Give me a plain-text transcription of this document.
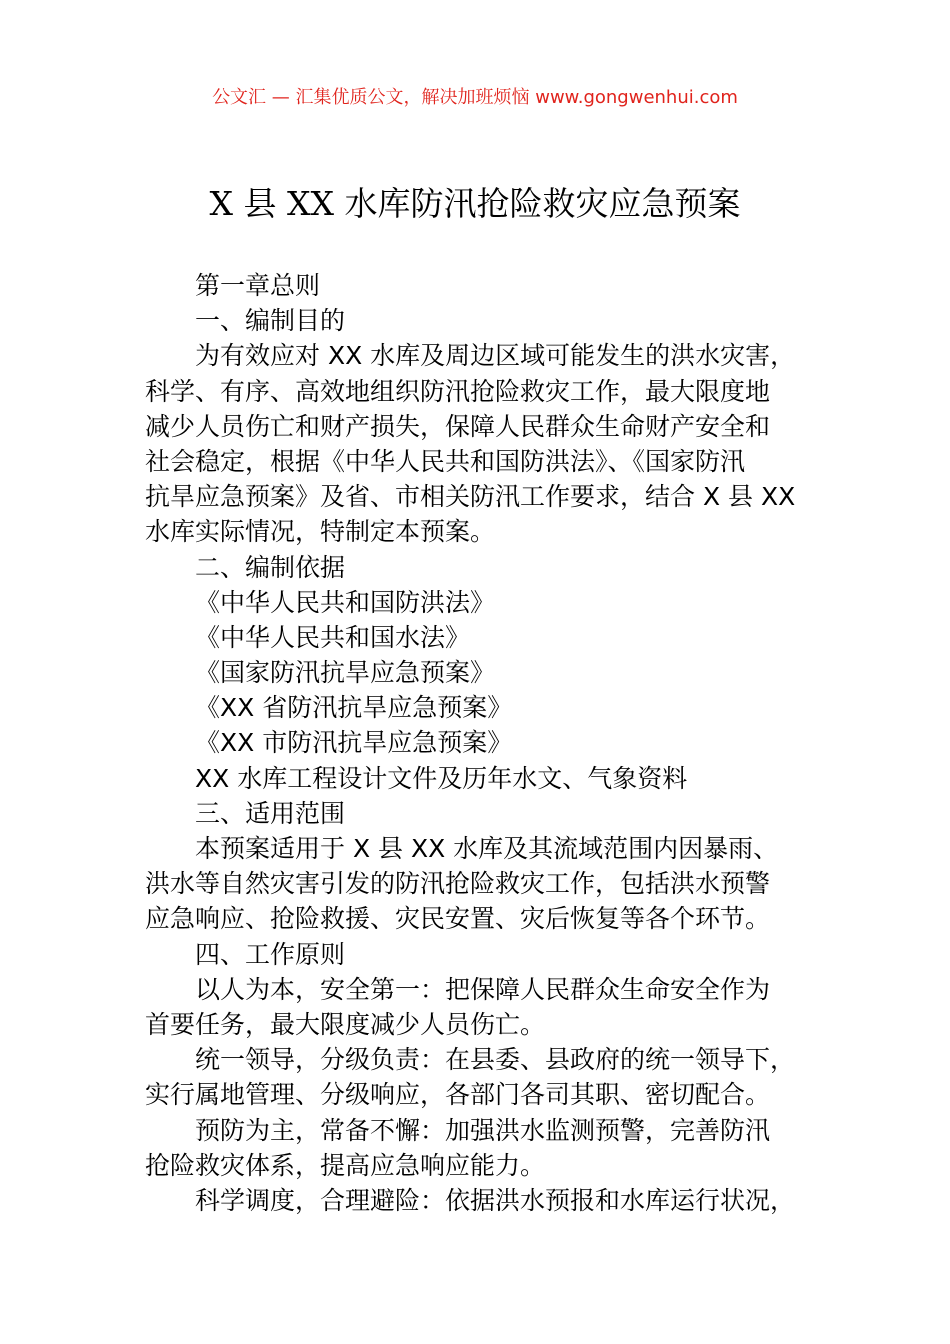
公文汇 — 汇集优质公文，解决加班烦恼 www.gongwenhui.com
X 县 XX 水库防汛抢险救灾应急预案
第一章总则
一、编制目的
为有效应对 XX 水库及周边区域可能发生的洪水灾害，
科学、有序、高效地组织防汛抢险救灾工作，最大限度地
减少人员伤亡和财产损失，保障人民群众生命财产安全和
社会稳定，根据《中华人民共和国防洪法》、《国家防汛
抗旱应急预案》及省、市相关防汛工作要求，结合 X 县 XX
水库实际情况，特制定本预案。
二、编制依据
《中华人民共和国防洪法》
《中华人民共和国水法》
《国家防汛抗旱应急预案》
《XX 省防汛抗旱应急预案》
《XX 市防汛抗旱应急预案》
XX 水库工程设计文件及历年水文、气象资料
三、适用范围
本预案适用于 X 县 XX 水库及其流域范围内因暴雨、
洪水等自然灾害引发的防汛抢险救灾工作，包括洪水预警
应急响应、抢险救援、灾民安置、灾后恢复等各个环节。
四、工作原则
以人为本，安全第一：把保障人民群众生命安全作为
首要任务，最大限度减少人员伤亡。
统一领导，分级负责：在县委、县政府的统一领导下，
实行属地管理、分级响应，各部门各司其职、密切配合。
预防为主，常备不懈：加强洪水监测预警，完善防汛
抢险救灾体系，提高应急响应能力。
科学调度，合理避险：依据洪水预报和水库运行状况，
